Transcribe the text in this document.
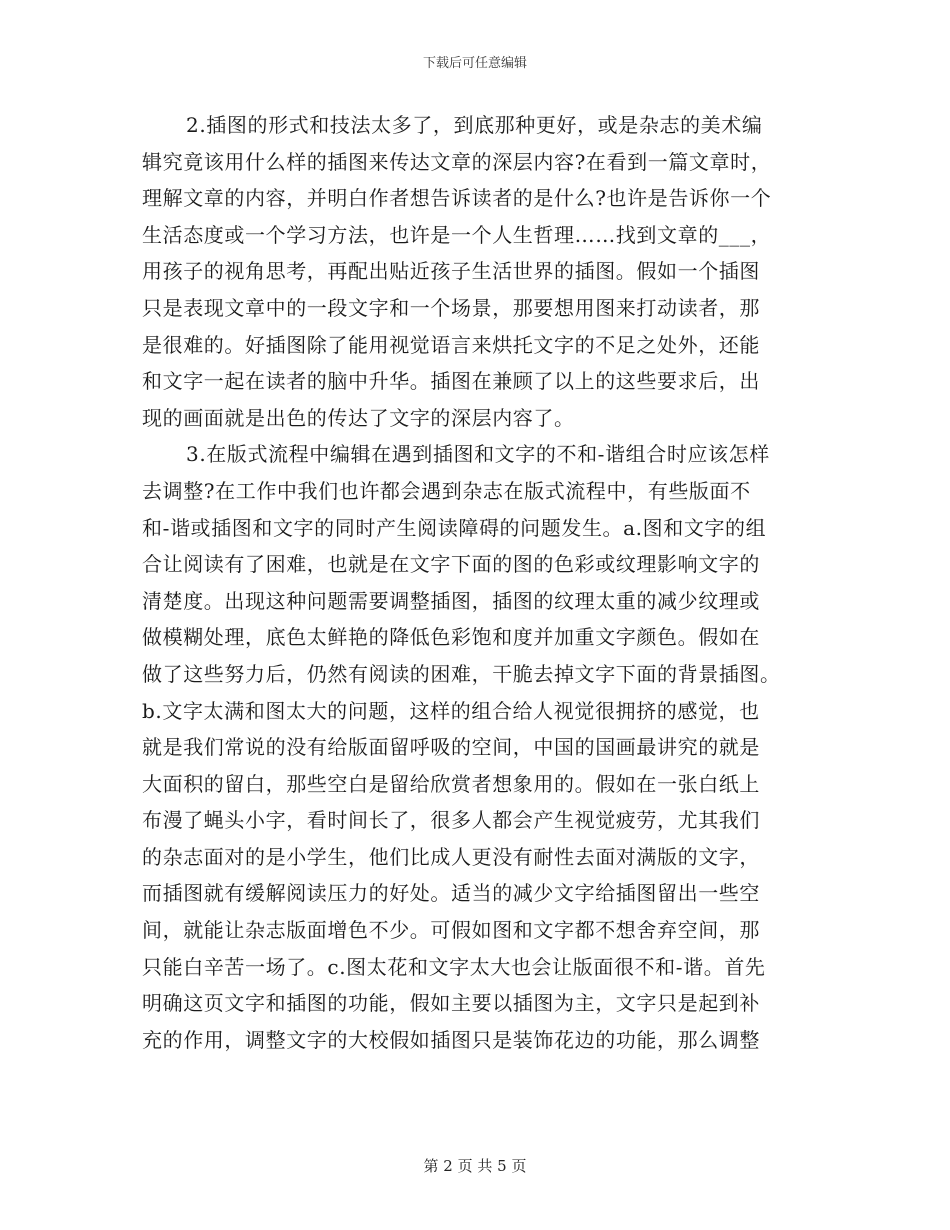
下载后可任意编辑
2.插图的形式和技法太多了，到底那种更好，或是杂志的美术编
辑究竟该用什么样的插图来传达文章的深层内容?在看到一篇文章时，
理解文章的内容，并明白作者想告诉读者的是什么?也许是告诉你一个
生活态度或一个学习方法，也许是一个人生哲理……找到文章的___，
用孩子的视角思考，再配出贴近孩子生活世界的插图。假如一个插图
只是表现文章中的一段文字和一个场景，那要想用图来打动读者，那
是很难的。好插图除了能用视觉语言来烘托文字的不足之处外，还能
和文字一起在读者的脑中升华。插图在兼顾了以上的这些要求后，出
现的画面就是出色的传达了文字的深层内容了。
3.在版式流程中编辑在遇到插图和文字的不和-谐组合时应该怎样
去调整?在工作中我们也许都会遇到杂志在版式流程中，有些版面不
和-谐或插图和文字的同时产生阅读障碍的问题发生。a.图和文字的组
合让阅读有了困难，也就是在文字下面的图的色彩或纹理影响文字的
清楚度。出现这种问题需要调整插图，插图的纹理太重的减少纹理或
做模糊处理，底色太鲜艳的降低色彩饱和度并加重文字颜色。假如在
做了这些努力后，仍然有阅读的困难，干脆去掉文字下面的背景插图。
b.文字太满和图太大的问题，这样的组合给人视觉很拥挤的感觉，也
就是我们常说的没有给版面留呼吸的空间，中国的国画最讲究的就是
大面积的留白，那些空白是留给欣赏者想象用的。假如在一张白纸上
布漫了蝇头小字，看时间长了，很多人都会产生视觉疲劳，尤其我们
的杂志面对的是小学生，他们比成人更没有耐性去面对满版的文字，
而插图就有缓解阅读压力的好处。适当的减少文字给插图留出一些空
间，就能让杂志版面增色不少。可假如图和文字都不想舍弃空间，那
只能白辛苦一场了。c.图太花和文字太大也会让版面很不和-谐。首先
明确这页文字和插图的功能，假如主要以插图为主，文字只是起到补
充的作用，调整文字的大校假如插图只是装饰花边的功能，那么调整
第 2 页 共 5 页
